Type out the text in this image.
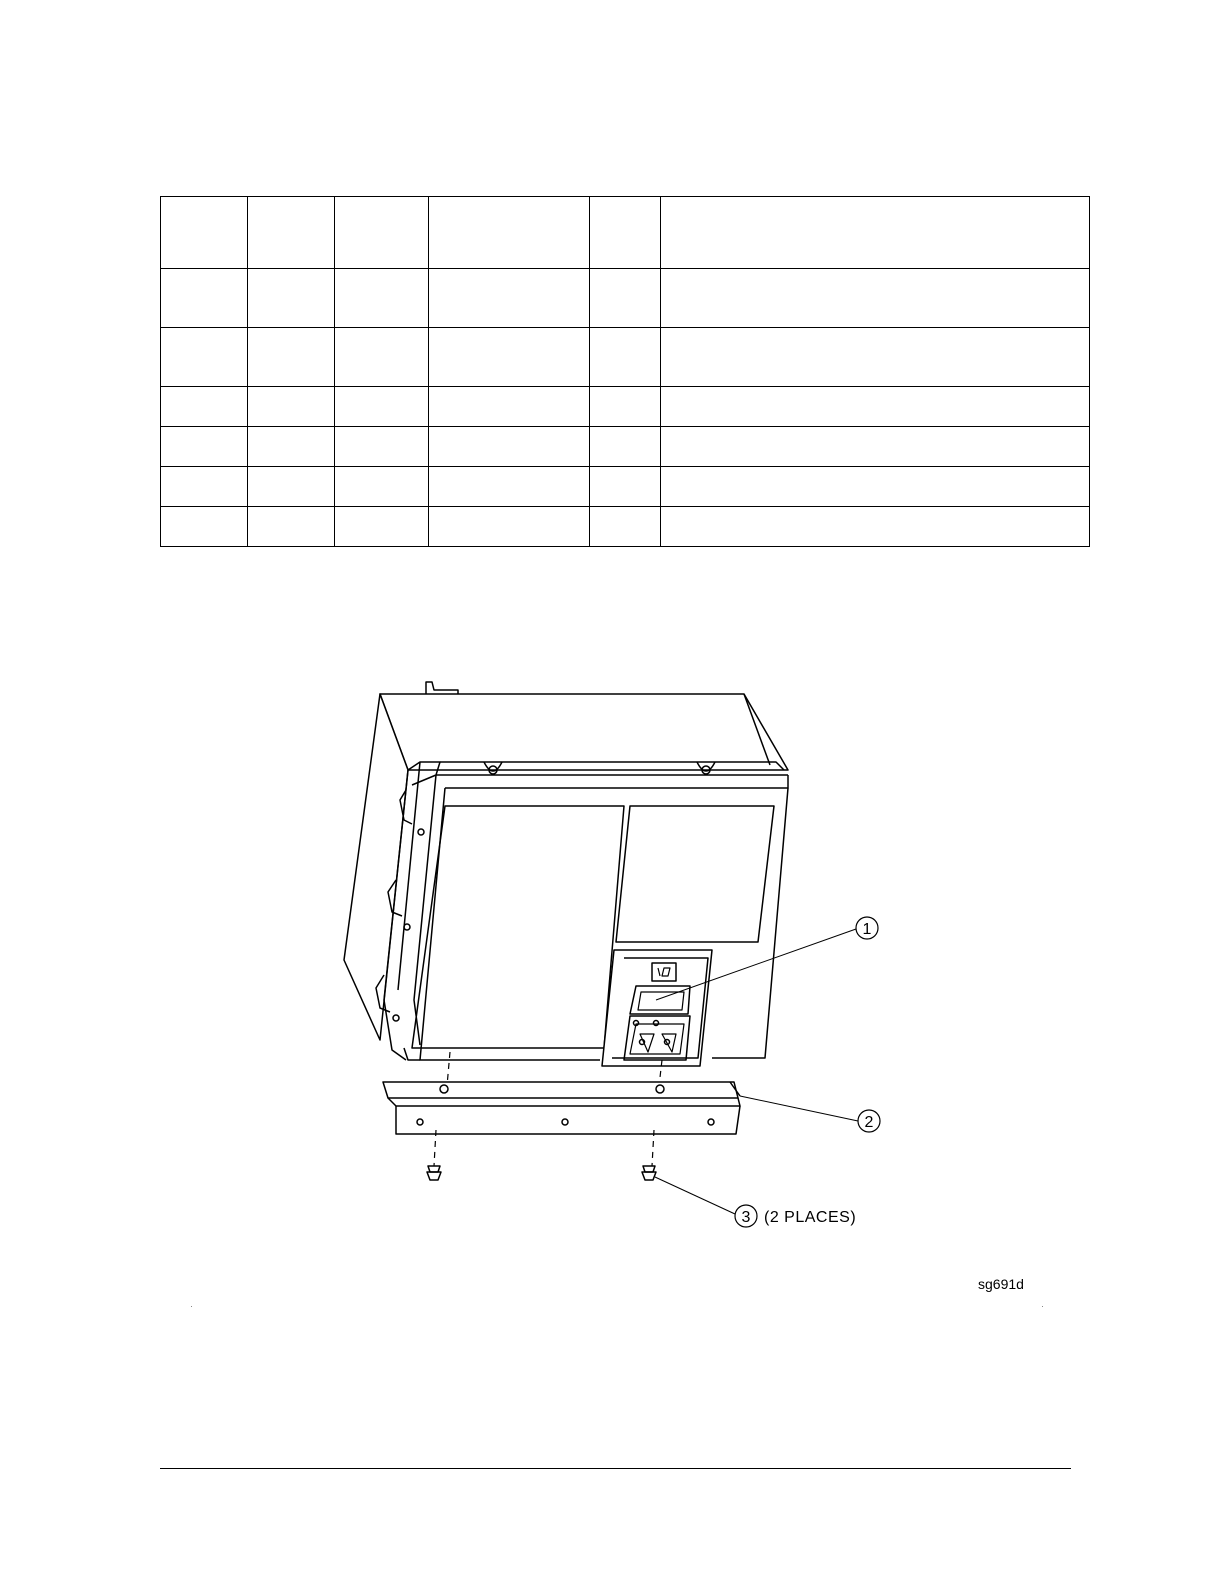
1
2
3 (2 PLACES)
sg691d
